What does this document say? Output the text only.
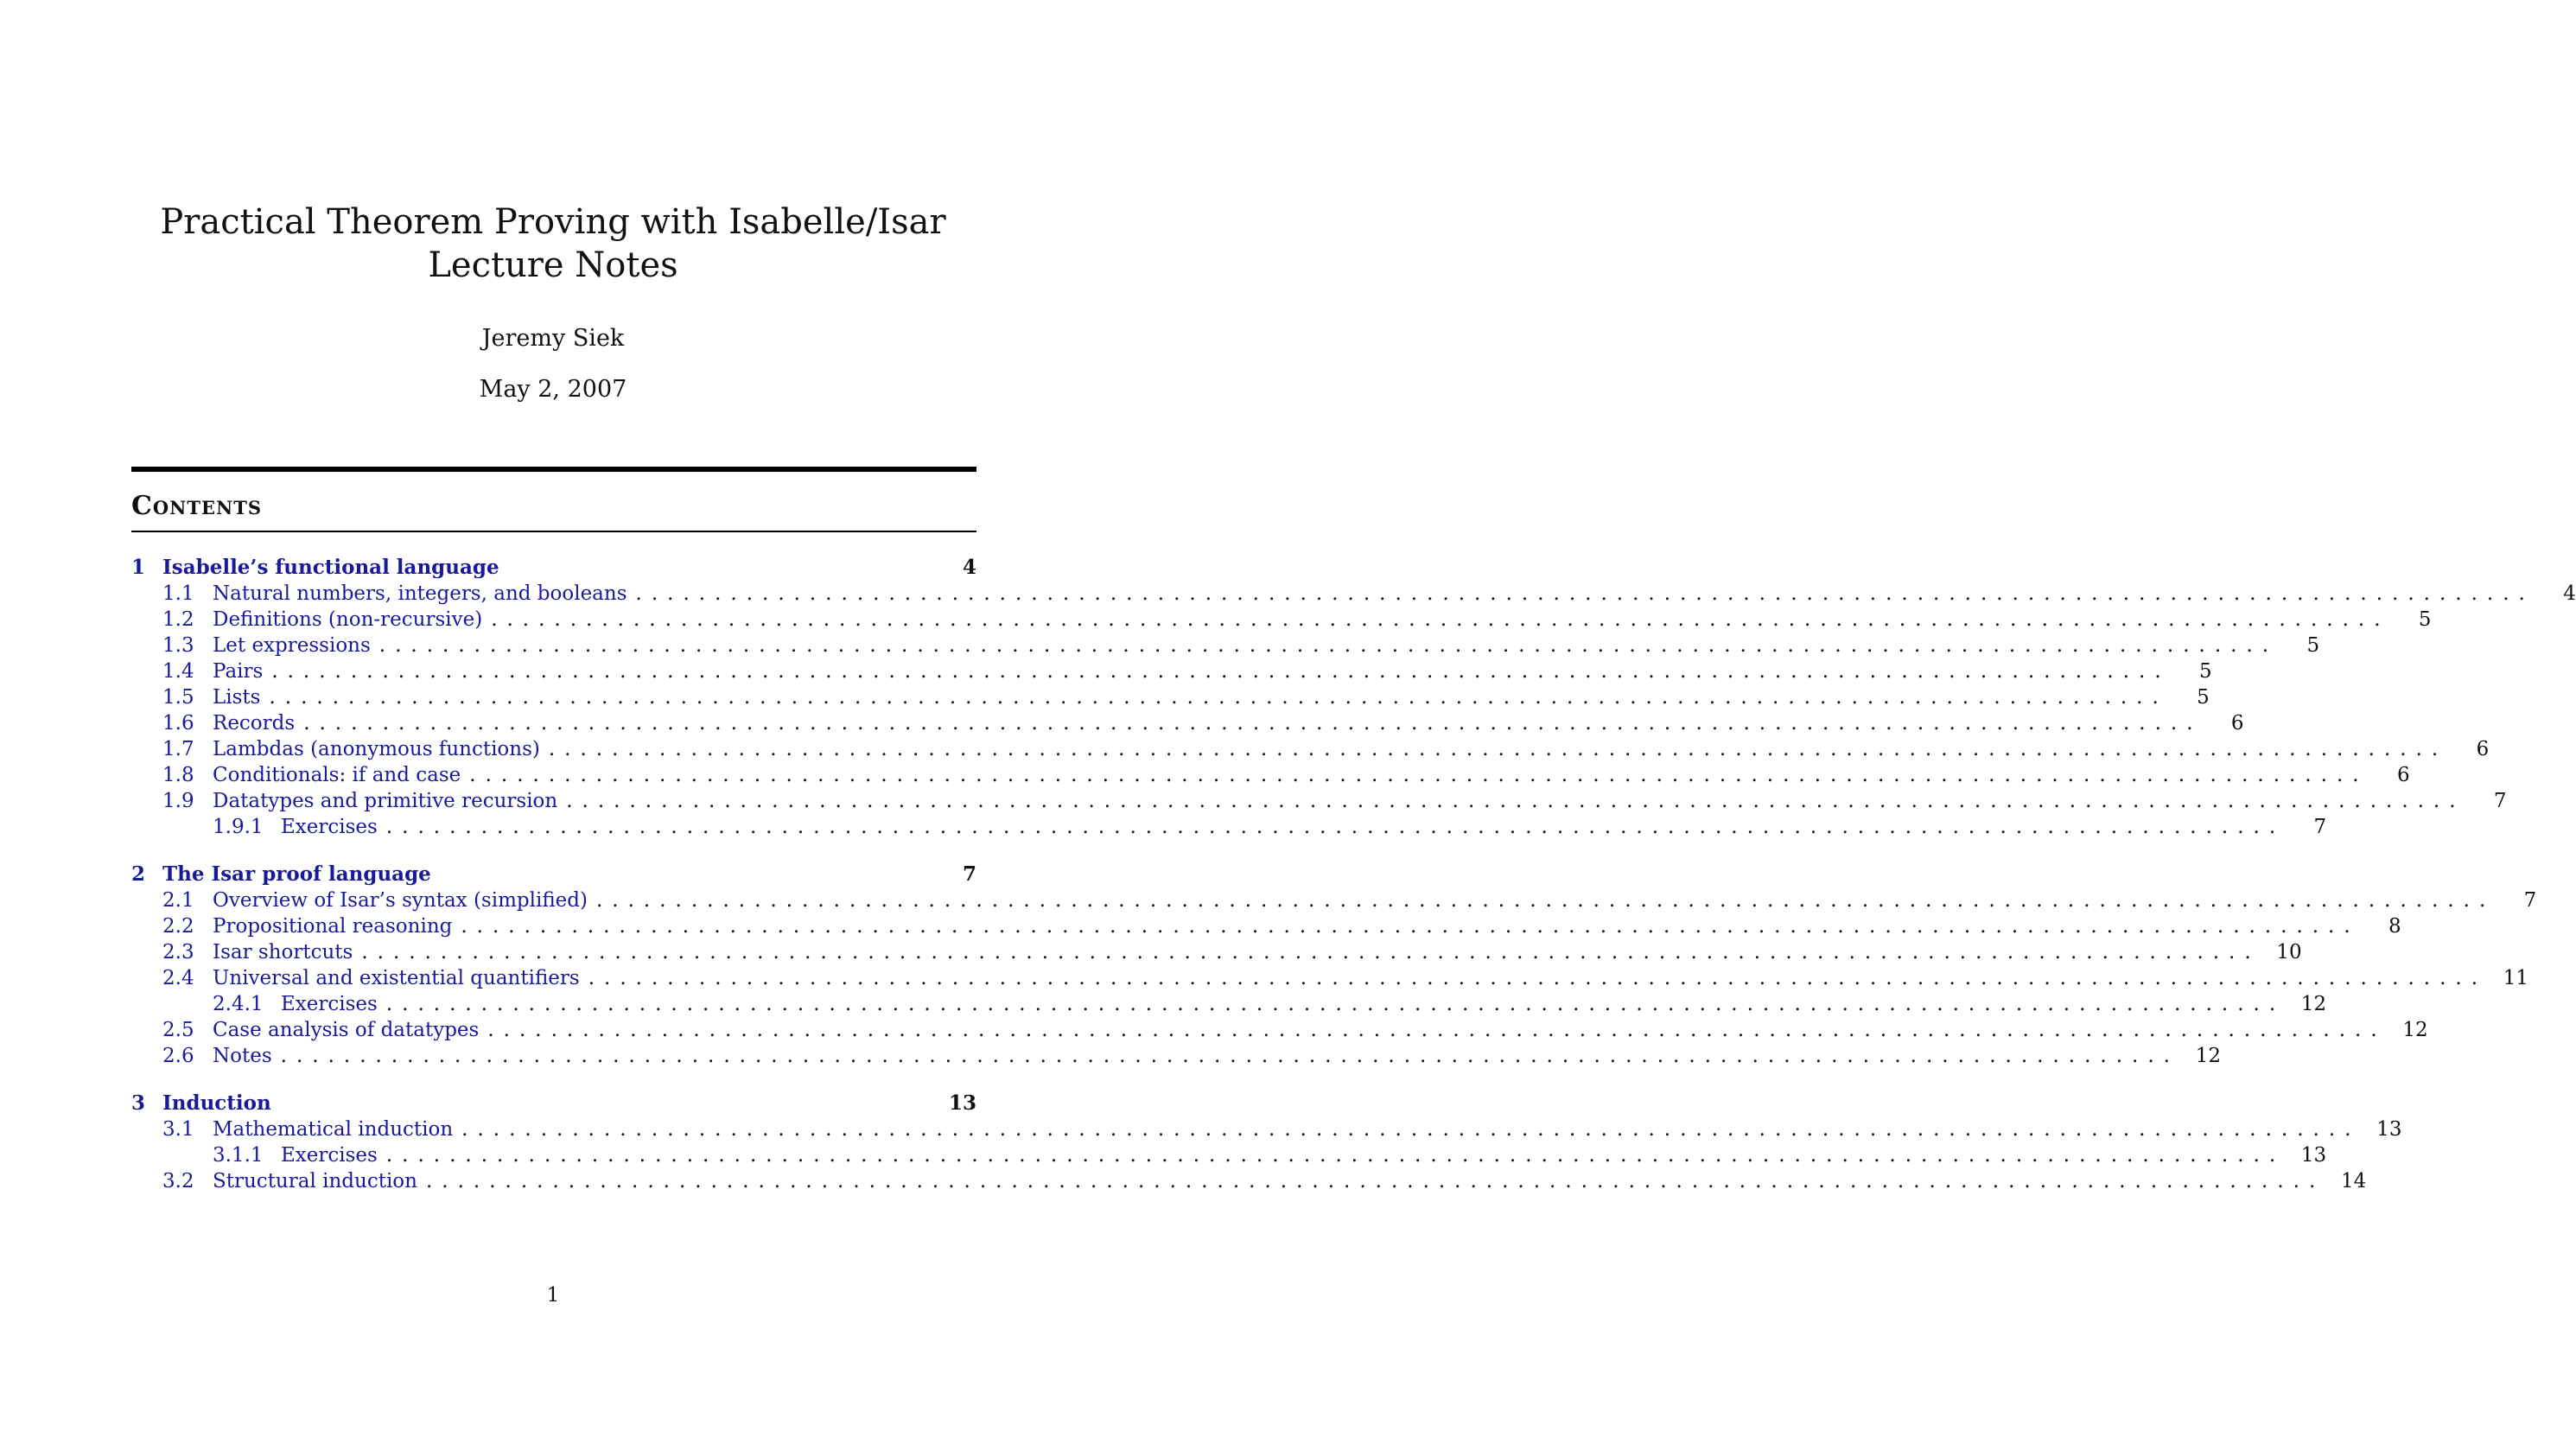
Practical Theorem Proving with Isabelle/Isar
Lecture Notes
Jeremy Siek
May 2, 2007
Contents
1 Isabelle’s functional language	4
1.1 Natural numbers, integers, and booleans ........................................................................................................................	4
1.2 Definitions (non-recursive) ........................................................................................................................	5
1.3 Let expressions ........................................................................................................................	5
1.4 Pairs ........................................................................................................................	5
1.5 Lists ........................................................................................................................	5
1.6 Records ........................................................................................................................	6
1.7 Lambdas (anonymous functions) ........................................................................................................................	6
1.8 Conditionals: if and case ........................................................................................................................	6
1.9 Datatypes and primitive recursion ........................................................................................................................	7
1.9.1 Exercises ........................................................................................................................	7
2 The Isar proof language	7
2.1 Overview of Isar’s syntax (simplified) ........................................................................................................................	7
2.2 Propositional reasoning ........................................................................................................................	8
2.3 Isar shortcuts ........................................................................................................................ 10
2.4 Universal and existential quantifiers ........................................................................................................................ 11
2.4.1 Exercises ........................................................................................................................ 12
2.5 Case analysis of datatypes ........................................................................................................................ 12
2.6 Notes ........................................................................................................................ 12
3 Induction	13
3.1 Mathematical induction ........................................................................................................................ 13
3.1.1 Exercises ........................................................................................................................ 13
3.2 Structural induction ........................................................................................................................ 14
1
